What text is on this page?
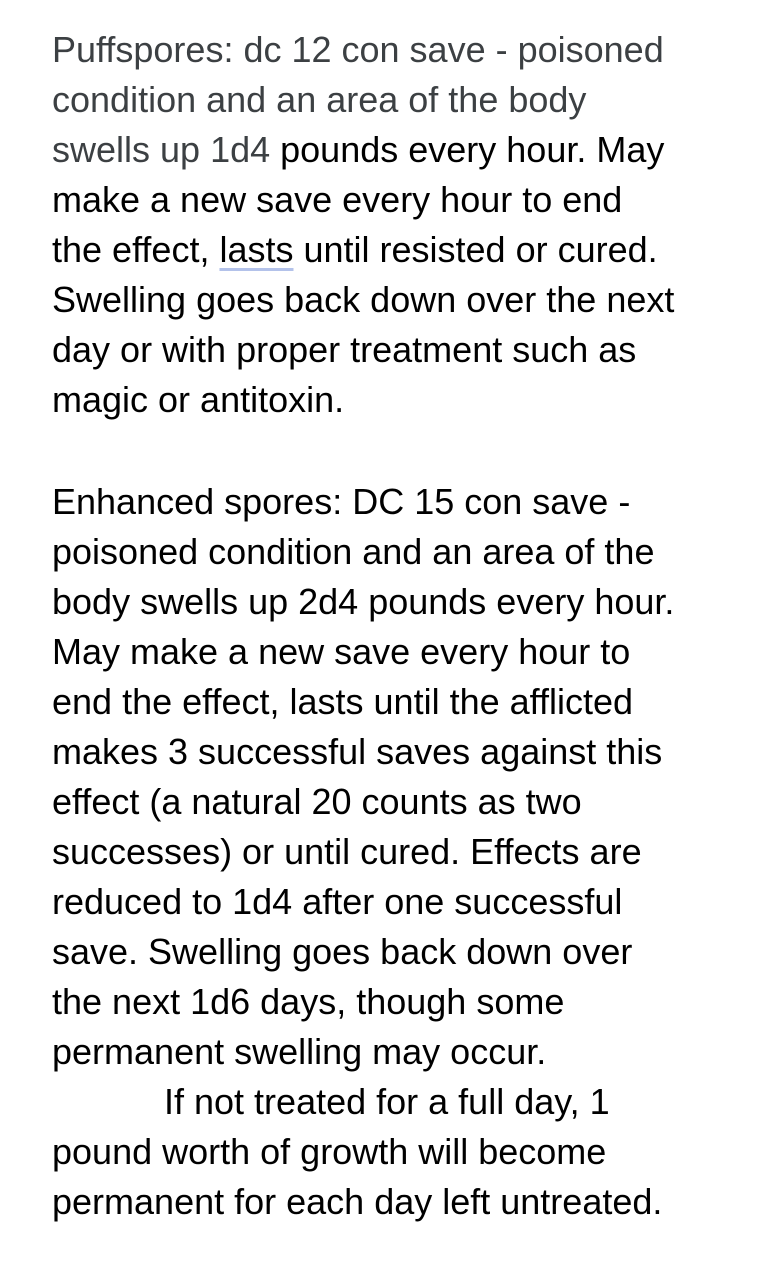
Puffspores: dc 12 con save - poisoned
condition and an area of the body
swells up 1d4 pounds every hour. May
make a new save every hour to end
the effect, lasts until resisted or cured.
Swelling goes back down over the next
day or with proper treatment such as
magic or antitoxin.
Enhanced spores: DC 15 con save -
poisoned condition and an area of the
body swells up 2d4 pounds every hour.
May make a new save every hour to
end the effect, lasts until the afflicted
makes 3 successful saves against this
effect (a natural 20 counts as two
successes) or until cured. Effects are
reduced to 1d4 after one successful
save. Swelling goes back down over
the next 1d6 days, though some
permanent swelling may occur.
If not treated for a full day, 1
pound worth of growth will become
permanent for each day left untreated.
